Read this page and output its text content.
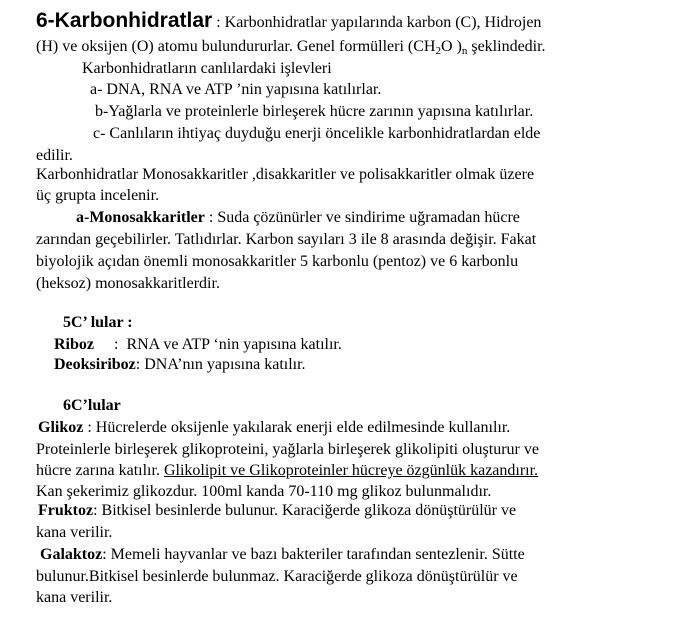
6-Karbonhidratlar : Karbonhidratlar yapılarında karbon (C), Hidrojen
(H) ve oksijen (O) atomu bulundururlar. Genel formülleri ($CH_2O$ )$_n$ şeklindedir.
Karbonhidratların canlılardaki işlevleri
a- DNA, RNA ve ATP ’nin yapısına katılırlar.
b-Yağlarla ve proteinlerle birleşerek hücre zarının yapısına katılırlar.
c- Canlıların ihtiyaç duyduğu enerji öncelikle karbonhidratlardan elde
edilir.
Karbonhidratlar Monosakkaritler ,disakkaritler ve polisakkaritler olmak üzere
üç grupta incelenir.
a-Monosakkaritler : Suda çözünürler ve sindirime uğramadan hücre
zarından geçebilirler. Tatlıdırlar. Karbon sayıları 3 ile 8 arasında değişir. Fakat
biyolojik açıdan önemli monosakkaritler 5 karbonlu (pentoz) ve 6 karbonlu
(heksoz) monosakkaritlerdir.
5C’ lular :
Riboz     :  RNA ve ATP ‘nin yapısına katılır.
Deoksiriboz: DNA’nın yapısına katılır.
6C’lular
Glikoz : Hücrelerde oksijenle yakılarak enerji elde edilmesinde kullanılır.
Proteinlerle birleşerek glikoproteini, yağlarla birleşerek glikolipiti oluşturur ve
hücre zarına katılır. Glikolipit ve Glikoproteinler hücreye özgünlük kazandırır.
Kan şekerimiz glikozdur. 100ml kanda 70-110 mg glikoz bulunmalıdır.
Fruktoz: Bitkisel besinlerde bulunur. Karaciğerde glikoza dönüştürülür ve
kana verilir.
Galaktoz: Memeli hayvanlar ve bazı bakteriler tarafından sentezlenir. Sütte
bulunur.Bitkisel besinlerde bulunmaz. Karaciğerde glikoza dönüştürülür ve
kana verilir.
